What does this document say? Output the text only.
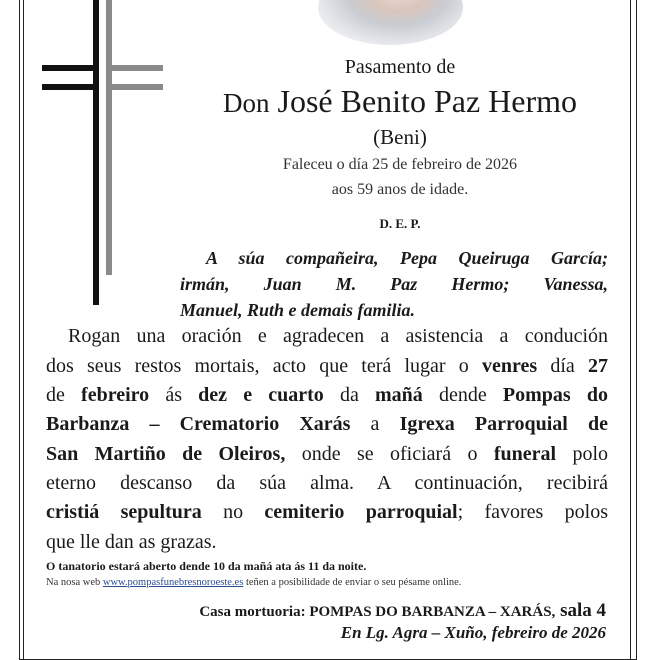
Pasamento de
Don José Benito Paz Hermo
(Beni)
Faleceu o día 25 de febreiro de 2026
aos 59 anos de idade.
D. E. P.
A súa compañeira, Pepa Queiruga García;
irmán, Juan M. Paz Hermo; Vanessa,
Manuel, Ruth e demais familia.
Rogan una oración e agradecen a asistencia a condución
dos seus restos mortais, acto que terá lugar o venres día 27
de febreiro ás dez e cuarto da mañá dende Pompas do
Barbanza – Crematorio Xarás a Igrexa Parroquial de
San Martiño de Oleiros, onde se oficiará o funeral polo
eterno descanso da súa alma. A continuación, recibirá
cristiá sepultura no cemiterio parroquial; favores polos
que lle dan as grazas.
O tanatorio estará aberto dende 10 da mañá ata ás 11 da noite.
Na nosa web www.pompasfunebresnoroeste.es teñen a posibilidade de enviar o seu pésame online.
Casa mortuoria: POMPAS DO BARBANZA – XARÁS, sala 4
En Lg. Agra – Xuño, febreiro de 2026
